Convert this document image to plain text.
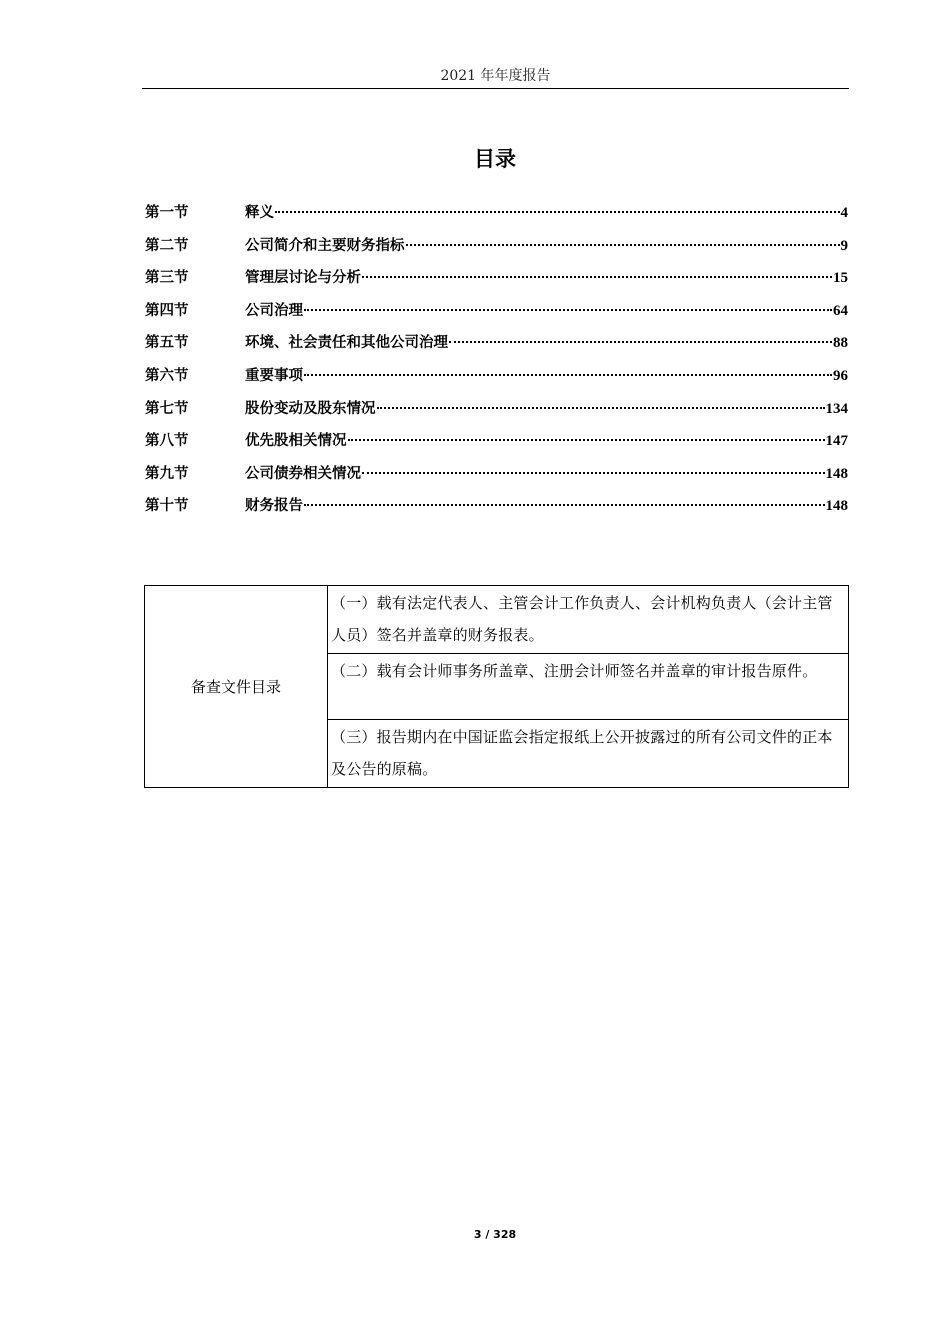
2021 年年度报告
目录
第一节	释义	4
第二节	公司简介和主要财务指标	9
第三节	管理层讨论与分析	15
第四节	公司治理	64
第五节	环境、社会责任和其他公司治理	88
第六节	重要事项	96
第七节	股份变动及股东情况	134
第八节	优先股相关情况	147
第九节	公司债券相关情况	148
第十节	财务报告	148
备查文件目录	（一）载有法定代表人、主管会计工作负责人、会计机构负责人（会计主管人员）签名并盖章的财务报表。
（二）载有会计师事务所盖章、注册会计师签名并盖章的审计报告原件。
（三）报告期内在中国证监会指定报纸上公开披露过的所有公司文件的正本及公告的原稿。
3 / 328
